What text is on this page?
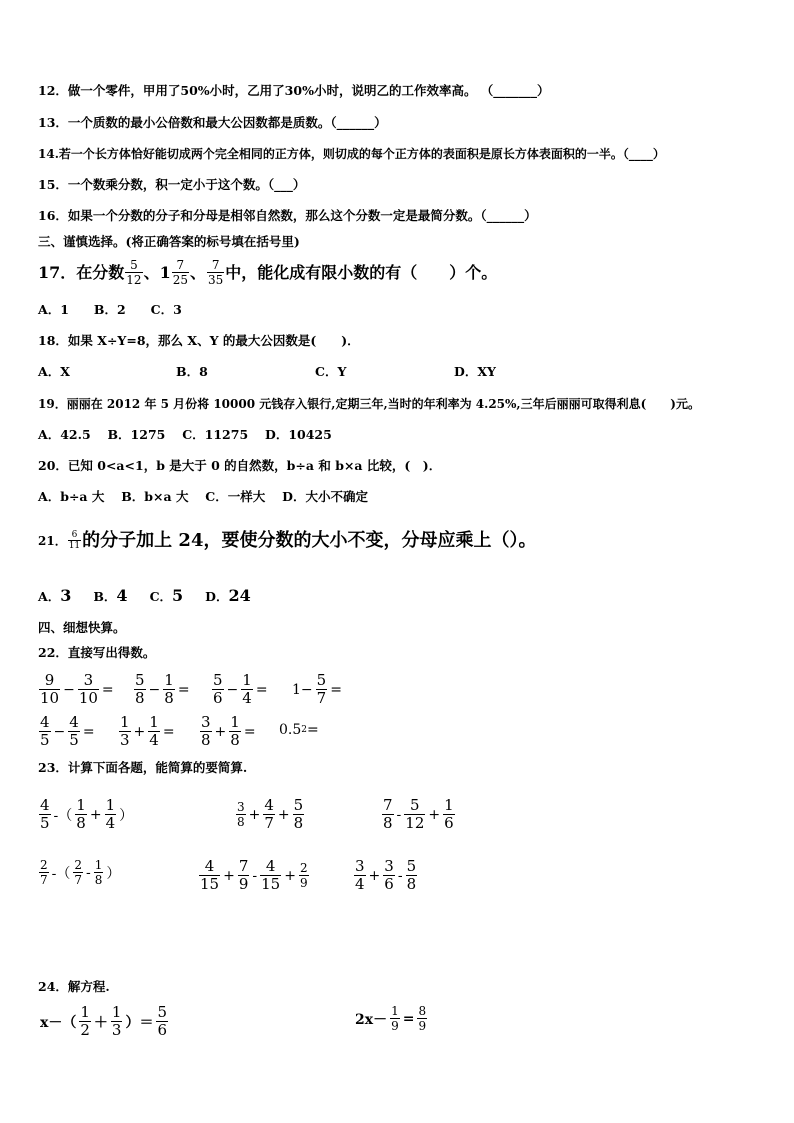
12．做一个零件，甲用了50%小时，乙用了30%小时，说明乙的工作效率高。 （_______）
13．一个质数的最小公倍数和最大公因数都是质数。（______）
14.若一个长方体恰好能切成两个完全相同的正方体，则切成的每个正方体的表面积是原长方体表面积的一半。（____）
15．一个数乘分数，积一定小于这个数。（___）
16．如果一个分数的分子和分母是相邻自然数，那么这个分数一定是最简分数。（______）
三、谨慎选择。(将正确答案的标号填在括号里)
17．在分数 $\frac{5}{12}$ 、$1 \frac{7}{25}$ 、 $\frac{7}{35}$ 中，能化成有限小数的有（　　）个。
A．1　　B．2　　C．3
18．如果 X÷Y=8，那么 X、Y 的最大公因数是(　　)．
A．X	B．8	C．Y	D．XY
19．丽丽在 2012 年 5 月份将 10000 元钱存入银行,定期三年,当时的年利率为 4.25%,三年后丽丽可取得利息(　　)元。
A．42.5　 B．1275　 C．11275　 D．10425
20．已知 0<a<1，b 是大于 0 的自然数，b÷a 和 b×a 比较，(　)．
A．b÷a 大　 B．b×a 大　 C．一样大　 D．大小不确定
21． $\frac{6}{11}$ 的分子加上 24，要使分数的大小不变，分母应乘上（）。
A． 3 B． 4 C． 5 D． 24
四、细想快算。
22．直接写出得数。
$\frac{9}{10} - \frac{3}{10} = \frac{5}{8} - \frac{1}{8} = \frac{5}{6} - \frac{1}{4} = 1- \frac{5}{7}$ =
$\frac{4}{5} - \frac{4}{5} = \frac{1}{3} + \frac{1}{4} = \frac{3}{8} + \frac{1}{8} = 0.5$ 2 =
23．计算下面各题，能简算的要简算.
$\frac{4}{5}$ -（ $\frac{1}{8} + \frac{1}{4}$ ）	$\frac{3}{8} + \frac{4}{7} + \frac{5}{8}$	$\frac{7}{8} - \frac{5}{12} + \frac{1}{6}$
$\frac{2}{7}$ -（ $\frac{2}{7} - \frac{1}{8}$ ）	$\frac{4}{15} + \frac{7}{9} - \frac{4}{15} + \frac{2}{9}$	$\frac{3}{4} + \frac{3}{6} - \frac{5}{8}$
24．解方程.
$x-( \frac{1}{2} + \frac{1}{3}$ ）＝ $\frac{5}{6}$	$2x- \frac{1}{9} = \frac{8}{9}$
